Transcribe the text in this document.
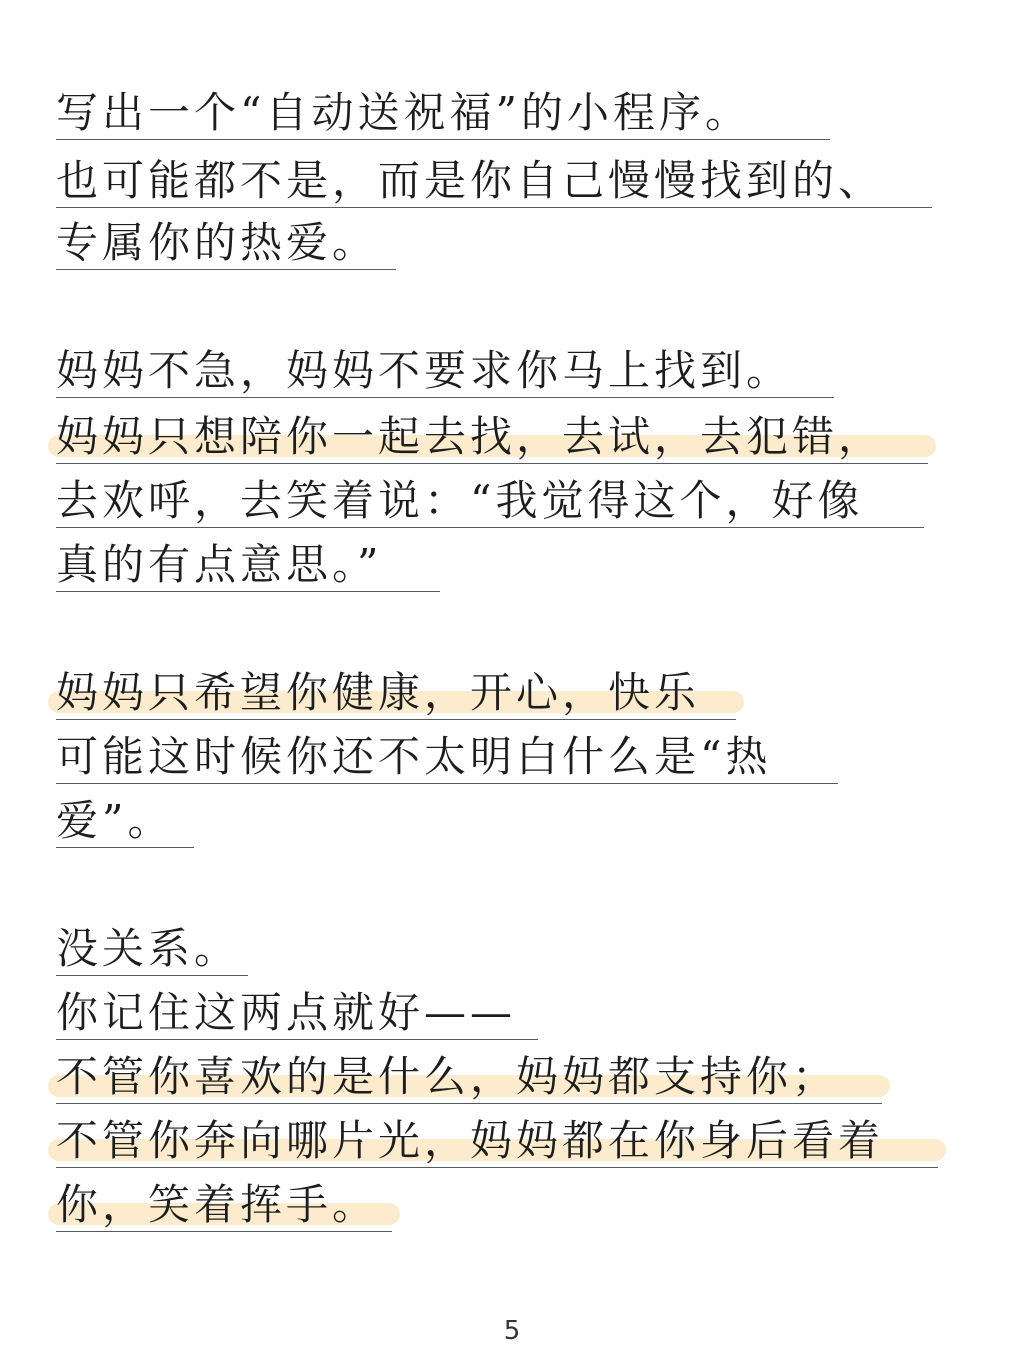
写出一个“自动送祝福”的小程序。
也可能都不是，而是你自己慢慢找到的、
专属你的热爱。
妈妈不急，妈妈不要求你马上找到。
妈妈只想陪你一起去找，去试，去犯错，
去欢呼，去笑着说：“我觉得这个，好像
真的有点意思。”
妈妈只希望你健康，开心，快乐
可能这时候你还不太明白什么是“热
爱”。
没关系。
你记住这两点就好——
不管你喜欢的是什么，妈妈都支持你；
不管你奔向哪片光，妈妈都在你身后看着
你，笑着挥手。
5
